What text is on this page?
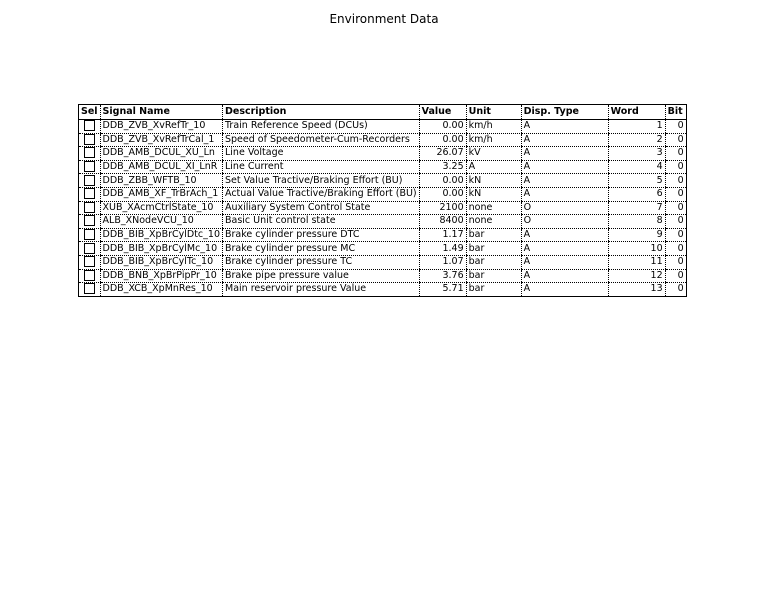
Environment Data
Sel	Signal Name	Description	Value	Unit	Disp. Type	Word	Bit
	DDB_ZVB_XvRefTr_10	Train Reference Speed (DCUs)	0.00	km/h	A	1	0
	DDB_ZVB_XvRefTrCal_1	Speed of Speedometer-Cum-Recorders	0.00	km/h	A	2	0
	DDB_AMB_DCUL_XU_Ln	Line Voltage	26.07	kV	A	3	0
	DDB_AMB_DCUL_XI_LnR	Line Current	3.25	A	A	4	0
	DDB_ZBB_WFTB_10	Set Value Tractive/Braking Effort (BU)	0.00	kN	A	5	0
	DDB_AMB_XF_TrBrAch_1	Actual Value Tractive/Braking Effort (BU)	0.00	kN	A	6	0
	XUB_XAcmCtrlState_10	Auxiliary System Control State	2100	none	O	7	0
	ALB_XNodeVCU_10	Basic Unit control state	8400	none	O	8	0
	DDB_BIB_XpBrCylDtc_10	Brake cylinder pressure DTC	1.17	bar	A	9	0
	DDB_BIB_XpBrCylMc_10	Brake cylinder pressure MC	1.49	bar	A	10	0
	DDB_BIB_XpBrCylTc_10	Brake cylinder pressure TC	1.07	bar	A	11	0
	DDB_BNB_XpBrPipPr_10	Brake pipe pressure value	3.76	bar	A	12	0
	DDB_XCB_XpMnRes_10	Main reservoir pressure Value	5.71	bar	A	13	0
